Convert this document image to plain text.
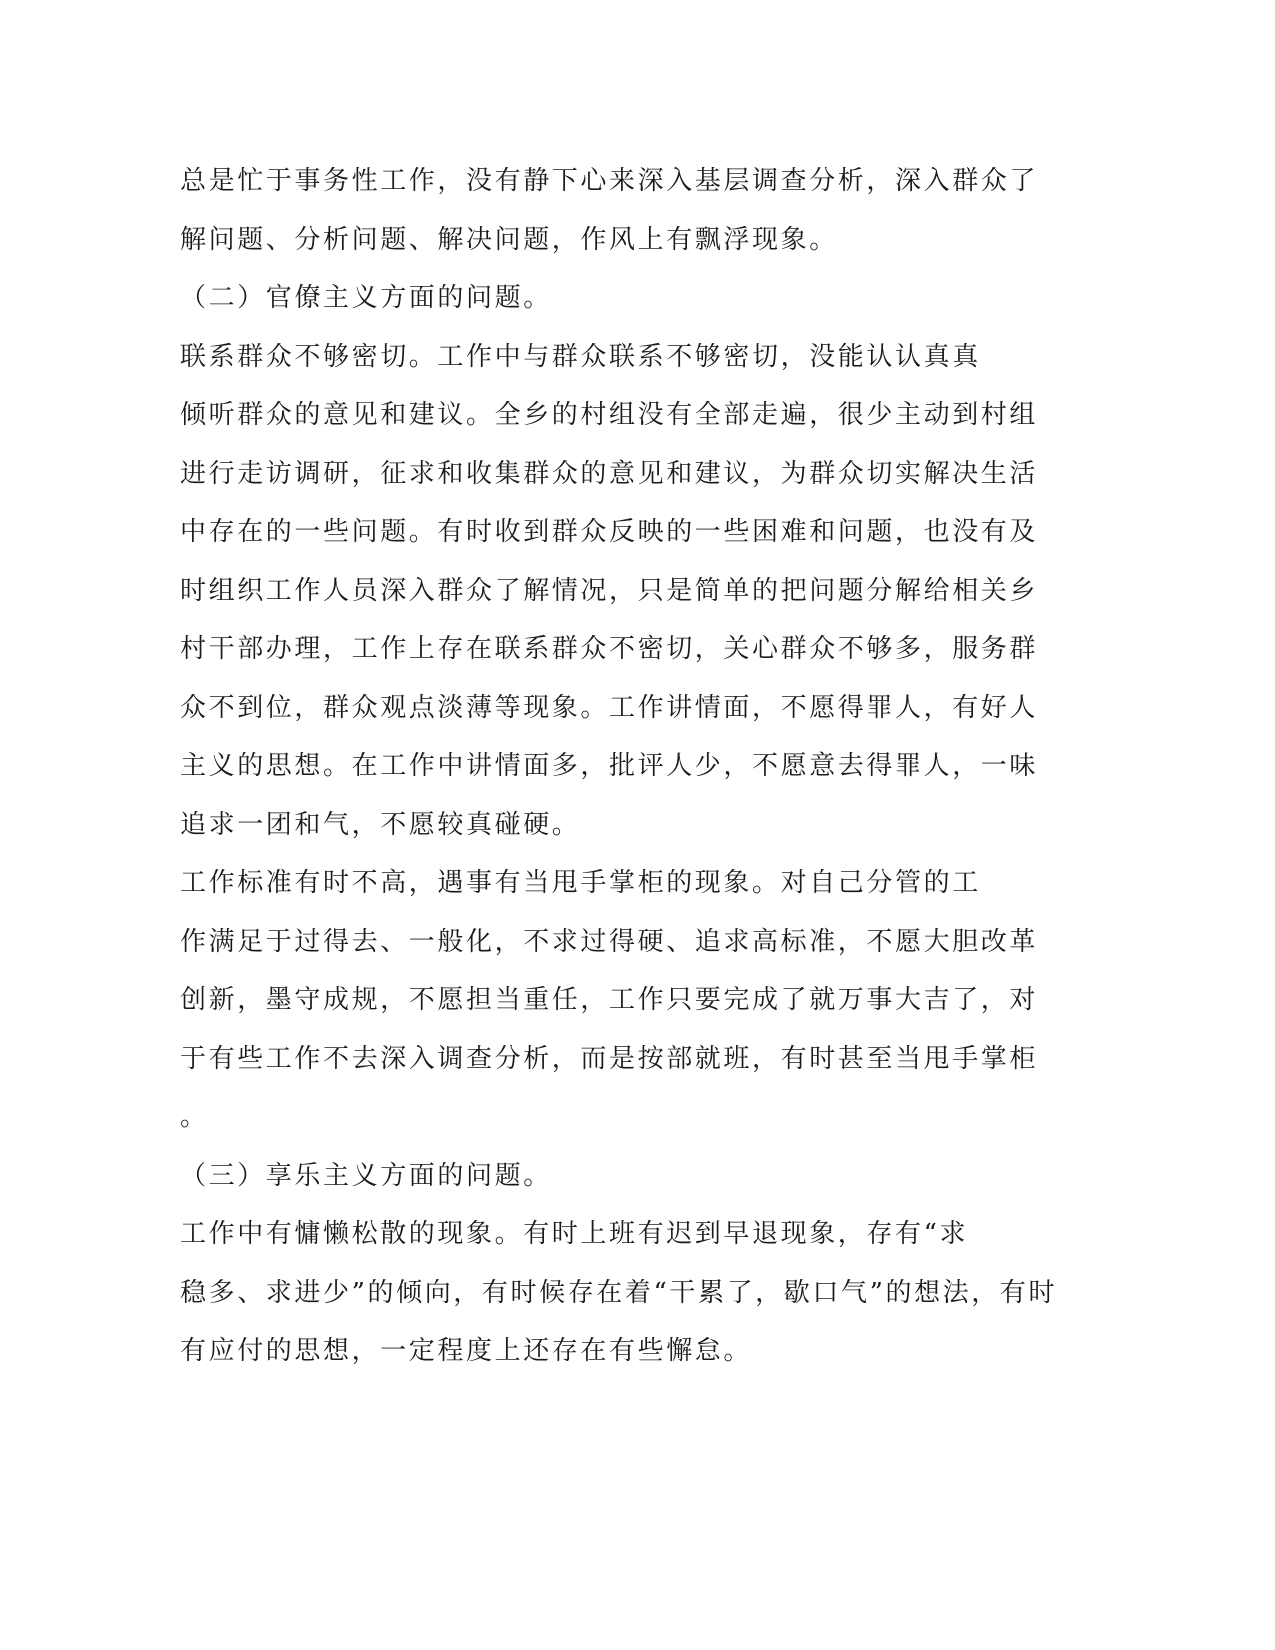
总是忙于事务性工作，没有静下心来深入基层调查分析，深入群众了

解问题、分析问题、解决问题，作风上有飘浮现象。

（二）官僚主义方面的问题。

联系群众不够密切。工作中与群众联系不够密切，没能认认真真

倾听群众的意见和建议。全乡的村组没有全部走遍，很少主动到村组

进行走访调研，征求和收集群众的意见和建议，为群众切实解决生活

中存在的一些问题。有时收到群众反映的一些困难和问题，也没有及

时组织工作人员深入群众了解情况，只是简单的把问题分解给相关乡

村干部办理，工作上存在联系群众不密切，关心群众不够多，服务群

众不到位，群众观点淡薄等现象。工作讲情面，不愿得罪人，有好人

主义的思想。在工作中讲情面多，批评人少，不愿意去得罪人，一味

追求一团和气，不愿较真碰硬。

工作标准有时不高，遇事有当甩手掌柜的现象。对自己分管的工

作满足于过得去、一般化，不求过得硬、追求高标准，不愿大胆改革

创新，墨守成规，不愿担当重任，工作只要完成了就万事大吉了，对

于有些工作不去深入调查分析，而是按部就班，有时甚至当甩手掌柜

。

（三）享乐主义方面的问题。

工作中有慵懒松散的现象。有时上班有迟到早退现象，存有“求

稳多、求进少”的倾向，有时候存在着“干累了，歇口气”的想法，有时

有应付的思想，一定程度上还存在有些懈怠。
